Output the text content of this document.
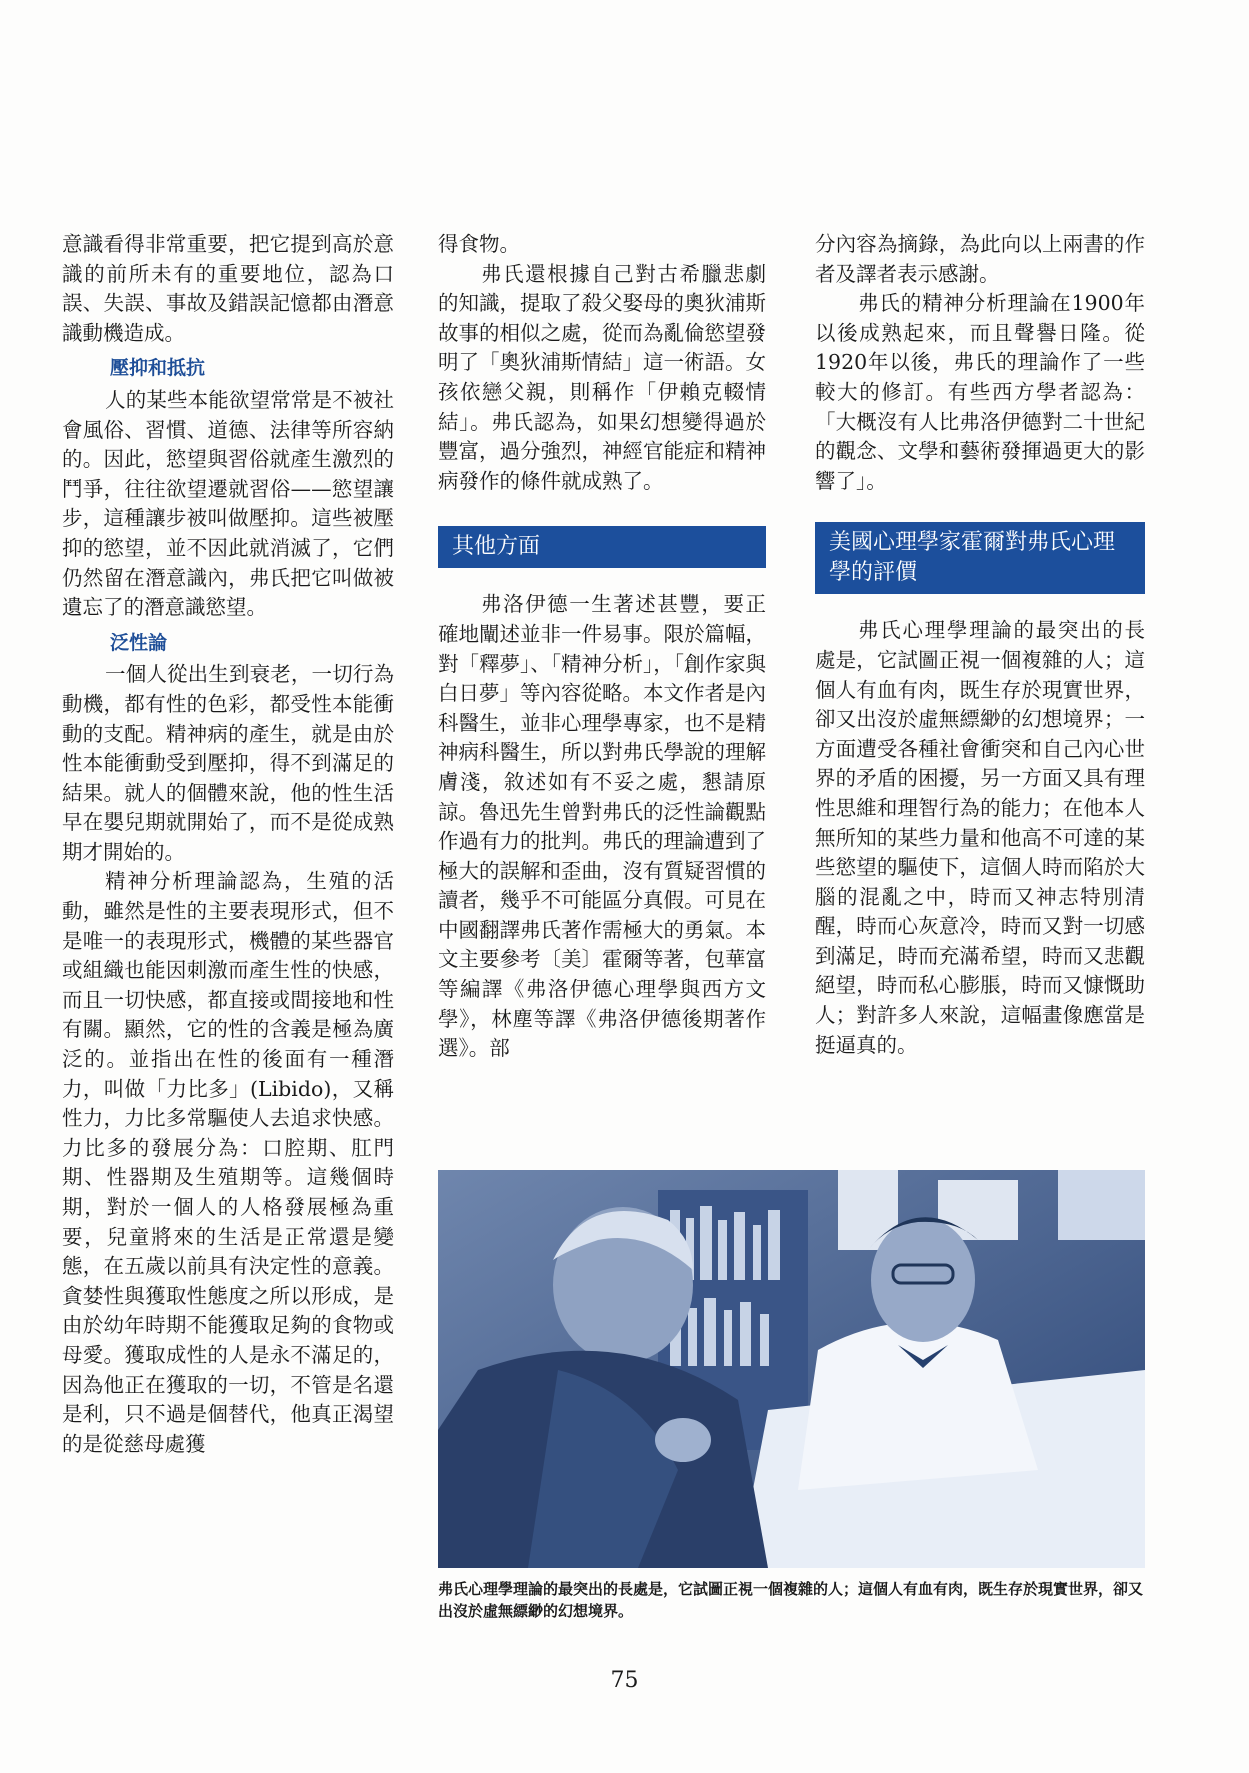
意識看得非常重要，把它提到高於意識的前所未有的重要地位，認為口誤、失誤、事故及錯誤記憶都由潛意識動機造成。

壓抑和抵抗

人的某些本能欲望常常是不被社會風俗、習慣、道德、法律等所容納的。因此，慾望與習俗就產生激烈的鬥爭，往往欲望遷就習俗——慾望讓步，這種讓步被叫做壓抑。這些被壓抑的慾望，並不因此就消滅了，它們仍然留在潛意識內，弗氏把它叫做被遺忘了的潛意識慾望。

泛性論

一個人從出生到衰老，一切行為動機，都有性的色彩，都受性本能衝動的支配。精神病的產生，就是由於性本能衝動受到壓抑，得不到滿足的結果。就人的個體來說，他的性生活早在嬰兒期就開始了，而不是從成熟期才開始的。

精神分析理論認為，生殖的活動，雖然是性的主要表現形式，但不是唯一的表現形式，機體的某些器官或組織也能因刺激而產生性的快感，而且一切快感，都直接或間接地和性有關。顯然，它的性的含義是極為廣泛的。並指出在性的後面有一種潛力，叫做「力比多」(Libido)，又稱性力，力比多常驅使人去追求快感。力比多的發展分為：口腔期、肛門期、性器期及生殖期等。這幾個時期，對於一個人的人格發展極為重要，兒童將來的生活是正常還是變態，在五歲以前具有決定性的意義。貪婪性與獲取性態度之所以形成，是由於幼年時期不能獲取足夠的食物或母愛。獲取成性的人是永不滿足的，因為他正在獲取的一切，不管是名還是利，只不過是個替代，他真正渴望的是從慈母處獲

得食物。

弗氏還根據自己對古希臘悲劇的知識，提取了殺父娶母的奧狄浦斯故事的相似之處，從而為亂倫慾望發明了「奧狄浦斯情結」這一術語。女孩依戀父親，則稱作「伊賴克輟情結」。弗氏認為，如果幻想變得過於豐富，過分強烈，神經官能症和精神病發作的條件就成熟了。

其他方面

弗洛伊德一生著述甚豐，要正確地闡述並非一件易事。限於篇幅，對「釋夢」、「精神分析」，「創作家與白日夢」等內容從略。本文作者是內科醫生，並非心理學專家，也不是精神病科醫生，所以對弗氏學說的理解膚淺，敘述如有不妥之處，懇請原諒。魯迅先生曾對弗氏的泛性論觀點作過有力的批判。弗氏的理論遭到了極大的誤解和歪曲，沒有質疑習慣的讀者，幾乎不可能區分真假。可見在中國翻譯弗氏著作需極大的勇氣。本文主要參考〔美〕霍爾等著，包華富等編譯《弗洛伊德心理學與西方文學》，林塵等譯《弗洛伊德後期著作選》。部

分內容為摘錄，為此向以上兩書的作者及譯者表示感謝。

弗氏的精神分析理論在1900年以後成熟起來，而且聲譽日隆。從1920年以後，弗氏的理論作了一些較大的修訂。有些西方學者認為：「大概沒有人比弗洛伊德對二十世紀的觀念、文學和藝術發揮過更大的影響了」。

美國心理學家霍爾對弗氏心理學的評價

弗氏心理學理論的最突出的長處是，它試圖正視一個複雜的人；這個人有血有肉，既生存於現實世界，卻又出沒於虛無縹緲的幻想境界；一方面遭受各種社會衝突和自己內心世界的矛盾的困擾，另一方面又具有理性思維和理智行為的能力；在他本人無所知的某些力量和他高不可達的某些慾望的驅使下，這個人時而陷於大腦的混亂之中，時而又神志特別清醒，時而心灰意冷，時而又對一切感到滿足，時而充滿希望，時而又悲觀絕望，時而私心膨脹，時而又慷慨助人；對許多人來說，這幅畫像應當是挺逼真的。

弗氏心理學理論的最突出的長處是，它試圖正視一個複雜的人；這個人有血有肉，既生存於現實世界，卻又出沒於虛無縹緲的幻想境界。
75
